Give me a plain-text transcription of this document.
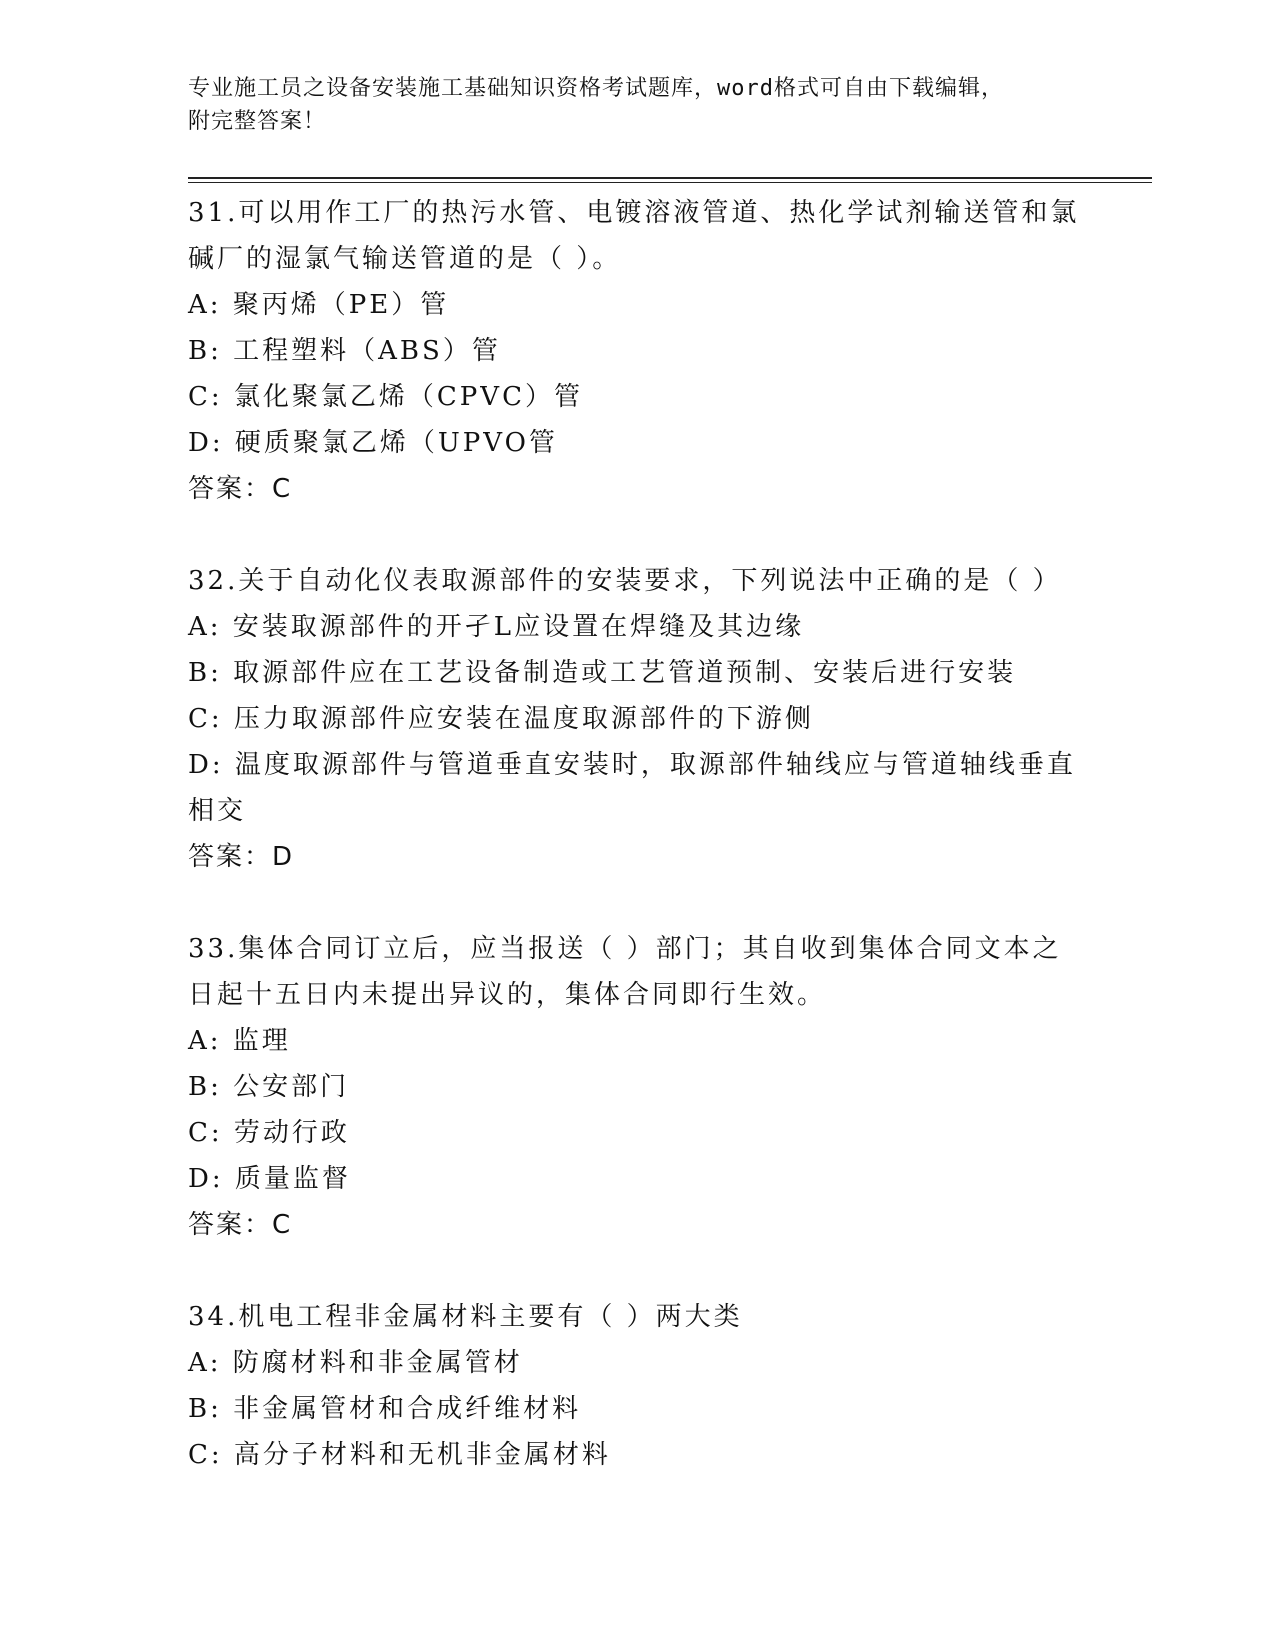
专业施工员之设备安装施工基础知识资格考试题库，word格式可自由下载编辑，
附完整答案！
31.可以用作工厂的热污水管、电镀溶液管道、热化学试剂输送管和氯
碱厂的湿氯气输送管道的是（ ）。
A: 聚丙烯（PE）管
B: 工程塑料（ABS）管
C: 氯化聚氯乙烯（CPVC）管
D: 硬质聚氯乙烯（UPVO管
答案：C
32.关于自动化仪表取源部件的安装要求，下列说法中正确的是（ ）
A: 安装取源部件的开孑L应设置在焊缝及其边缘
B: 取源部件应在工艺设备制造或工艺管道预制、安装后进行安装
C: 压力取源部件应安装在温度取源部件的下游侧
D: 温度取源部件与管道垂直安装时，取源部件轴线应与管道轴线垂直
相交
答案：D
33.集体合同订立后，应当报送（ ）部门；其自收到集体合同文本之
日起十五日内未提出异议的，集体合同即行生效。
A: 监理
B: 公安部门
C: 劳动行政
D: 质量监督
答案：C
34.机电工程非金属材料主要有（ ）两大类
A: 防腐材料和非金属管材
B: 非金属管材和合成纤维材料
C: 高分子材料和无机非金属材料
